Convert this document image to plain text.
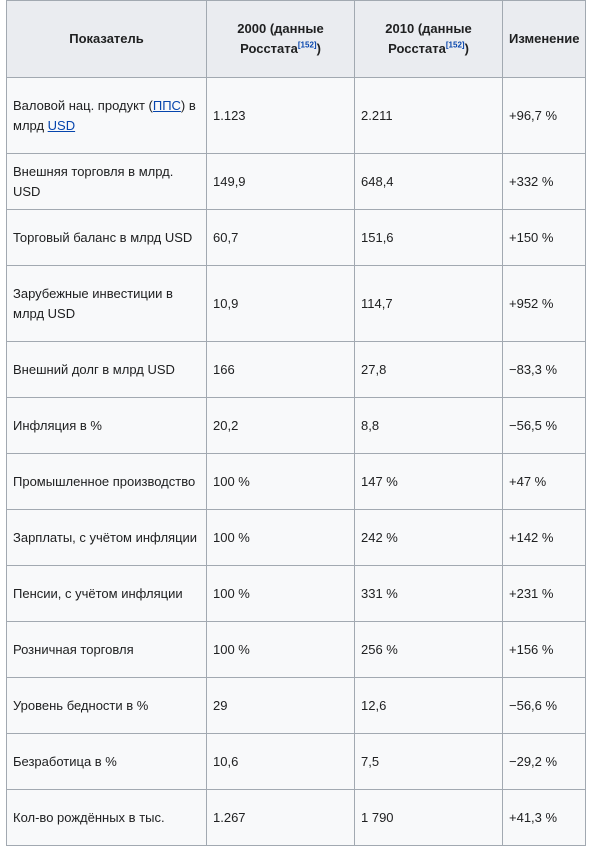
Показатель	2000 (данные Росстата[152])	2010 (данные Росстата[152])	Изменение
Валовой нац. продукт (ППС) в млрд USD	1.123	2.211	+96,7 %
Внешняя торговля в млрд. USD	149,9	648,4	+332 %
Торговый баланс в млрд USD	60,7	151,6	+150 %
Зарубежные инвестиции в млрд USD	10,9	114,7	+952 %
Внешний долг в млрд USD	166	27,8	−83,3 %
Инфляция в %	20,2	8,8	−56,5 %
Промышленное производство	100 %	147 %	+47 %
Зарплаты, с учётом инфляции	100 %	242 %	+142 %
Пенсии, с учётом инфляции	100 %	331 %	+231 %
Розничная торговля	100 %	256 %	+156 %
Уровень бедности в %	29	12,6	−56,6 %
Безработица в %	10,6	7,5	−29,2 %
Кол-во рождённых в тыс.	1.267	1 790	+41,3 %
